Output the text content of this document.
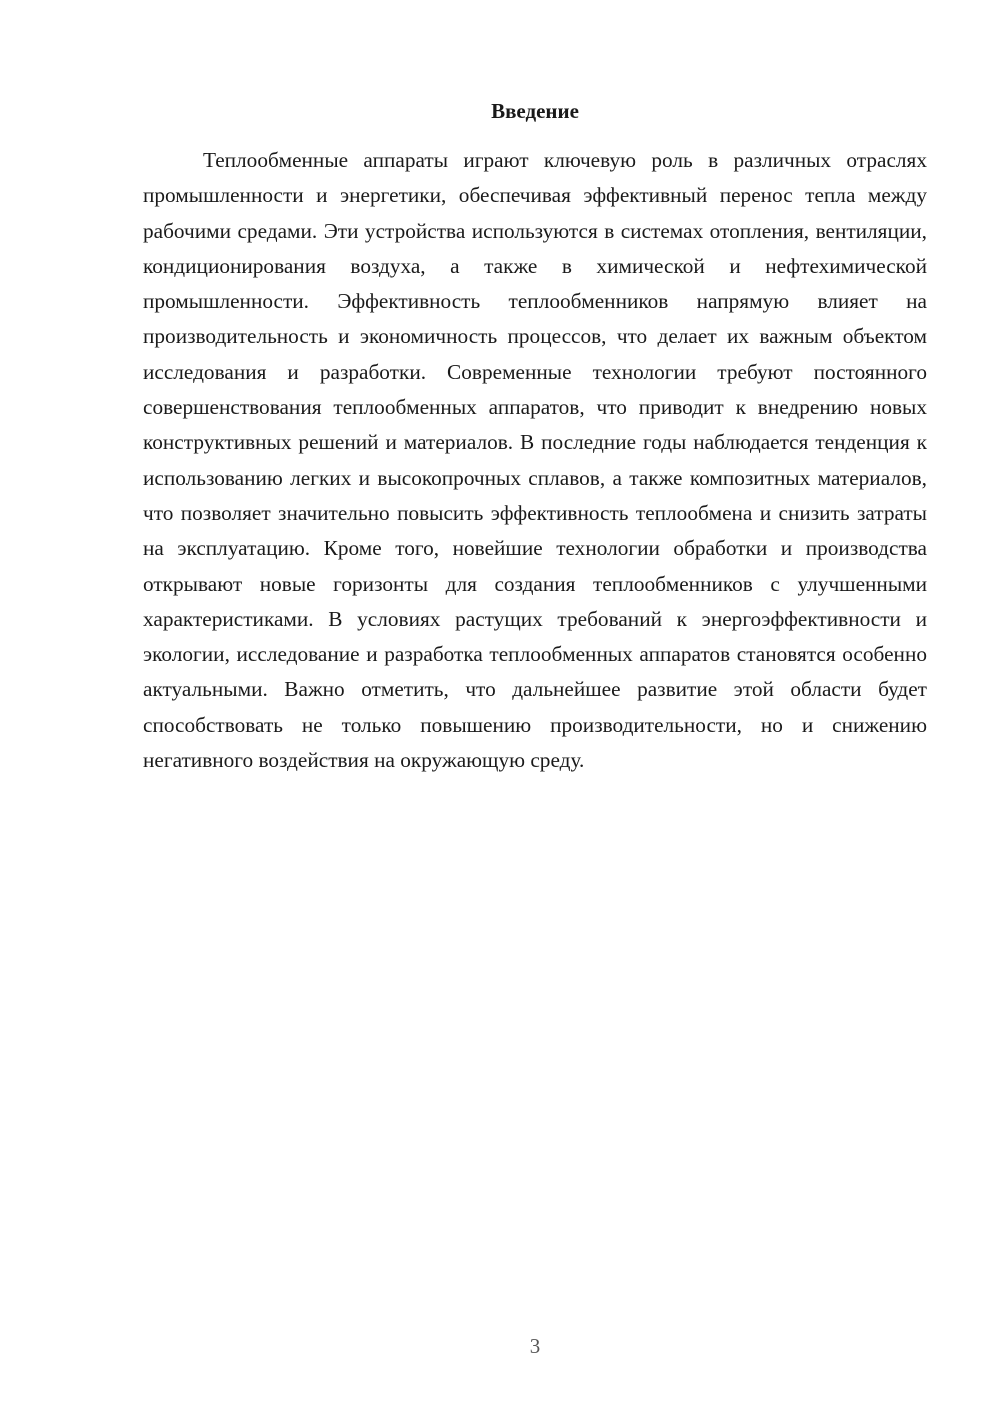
Введение

Теплообменные аппараты играют ключевую роль в различных отраслях промышленности и энергетики, обеспечивая эффективный перенос тепла между рабочими средами. Эти устройства используются в системах отопления, вентиляции, кондиционирования воздуха, а также в химической и нефтехимической промышленности. Эффективность теплообменников напрямую влияет на производительность и экономичность процессов, что делает их важным объектом исследования и разработки. Современные технологии требуют постоянного совершенствования теплообменных аппаратов, что приводит к внедрению новых конструктивных решений и материалов. В последние годы наблюдается тенденция к использованию легких и высокопрочных сплавов, а также композитных материалов, что позволяет значительно повысить эффективность теплообмена и снизить затраты на эксплуатацию. Кроме того, новейшие технологии обработки и производства открывают новые горизонты для создания теплообменников с улучшенными характеристиками. В условиях растущих требований к энергоэффективности и экологии, исследование и разработка теплообменных аппаратов становятся особенно актуальными. Важно отметить, что дальнейшее развитие этой области будет способствовать не только повышению производительности, но и снижению негативного воздействия на окружающую среду.

3
